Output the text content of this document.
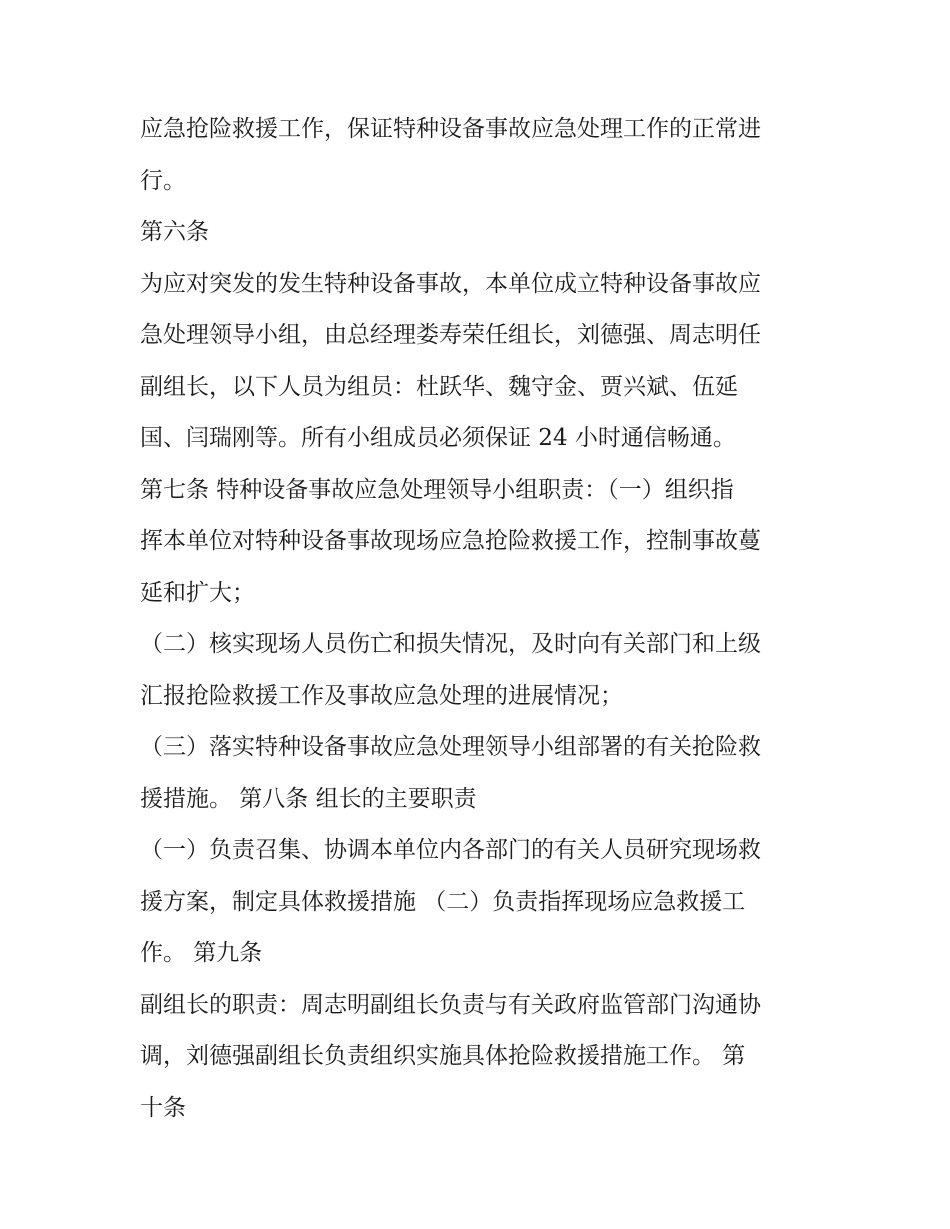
应急抢险救援工作，保证特种设备事故应急处理工作的正常进
行。
第六条
为应对突发的发生特种设备事故，本单位成立特种设备事故应
急处理领导小组，由总经理娄寿荣任组长，刘德强、周志明任
副组长，以下人员为组员：杜跃华、魏守金、贾兴斌、伍延
国、闫瑞刚等。所有小组成员必须保证 24 小时通信畅通。
第七条 特种设备事故应急处理领导小组职责：（一）组织指
挥本单位对特种设备事故现场应急抢险救援工作，控制事故蔓
延和扩大；
（二）核实现场人员伤亡和损失情况，及时向有关部门和上级
汇报抢险救援工作及事故应急处理的进展情况；
（三）落实特种设备事故应急处理领导小组部署的有关抢险救
援措施。 第八条 组长的主要职责
（一）负责召集、协调本单位内各部门的有关人员研究现场救
援方案，制定具体救援措施 （二）负责指挥现场应急救援工
作。 第九条
副组长的职责：周志明副组长负责与有关政府监管部门沟通协
调，刘德强副组长负责组织实施具体抢险救援措施工作。 第
十条
